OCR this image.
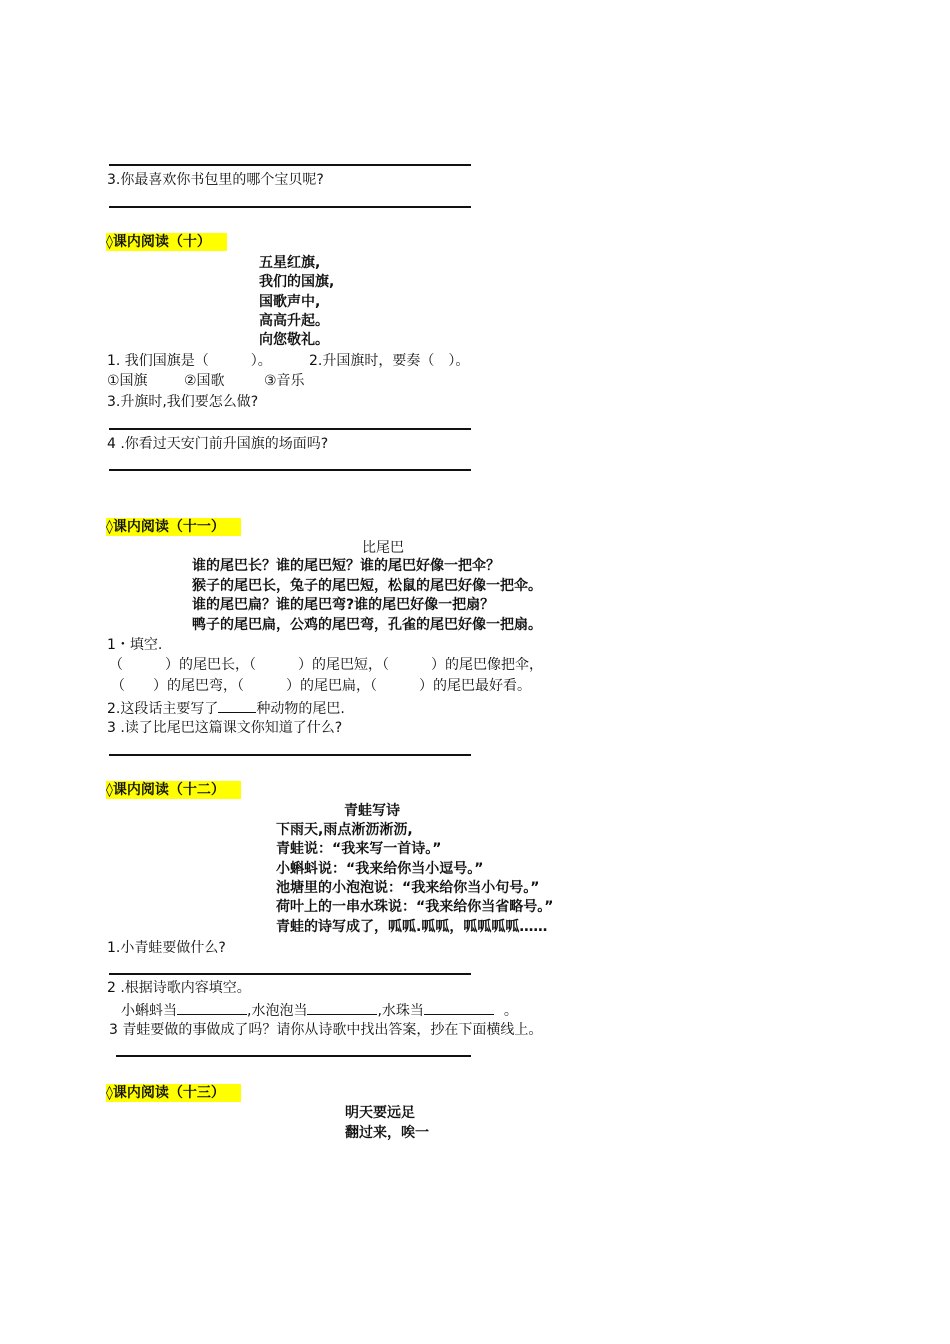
3.你最喜欢你书包里的哪个宝贝呢?
◊课内阅读（十）
五星红旗,
我们的国旗,
国歌声中,
高高升起。
向您敬礼。
1. 我们国旗是（　　　）。	2.升国旗时，要奏（　）。
①国旗	②国歌	③音乐
3.升旗时,我们要怎么做?
4 .你看过天安门前升国旗的场面吗?
◊课内阅读（十一）
比尾巴
谁的尾巴长？谁的尾巴短？谁的尾巴好像一把伞？
猴子的尾巴长，兔子的尾巴短，松鼠的尾巴好像一把伞。
谁的尾巴扁？谁的尾巴弯?谁的尾巴好像一把扇？
鸭子的尾巴扁，公鸡的尾巴弯，孔雀的尾巴好像一把扇。
1・填空.
（　　　）的尾巴长，（　　　）的尾巴短，（　　　）的尾巴像把伞，
（　　）的尾巴弯，（　　　）的尾巴扁，（　　　）的尾巴最好看。
2.这段话主要写了	种动物的尾巴.
3 .读了比尾巴这篇课文你知道了什么?
◊课内阅读（十二）
青蛙写诗
下雨天,雨点淅沥淅沥,
青蛙说：“我来写一首诗。”
小蝌蚪说：“我来给你当小逗号。”
池塘里的小泡泡说：“我来给你当小句号。”
荷叶上的一串水珠说：“我来给你当省略号。”
青蛙的诗写成了，呱呱.呱呱，呱呱呱呱……
1.小青蛙要做什么?
2 .根据诗歌内容填空。
小蝌蚪当	,水泡泡当	,水珠当	。
3 青蛙要做的事做成了吗？请你从诗歌中找出答案，抄在下面横线上。
◊课内阅读（十三）
明天要远足
翻过来，唉一
